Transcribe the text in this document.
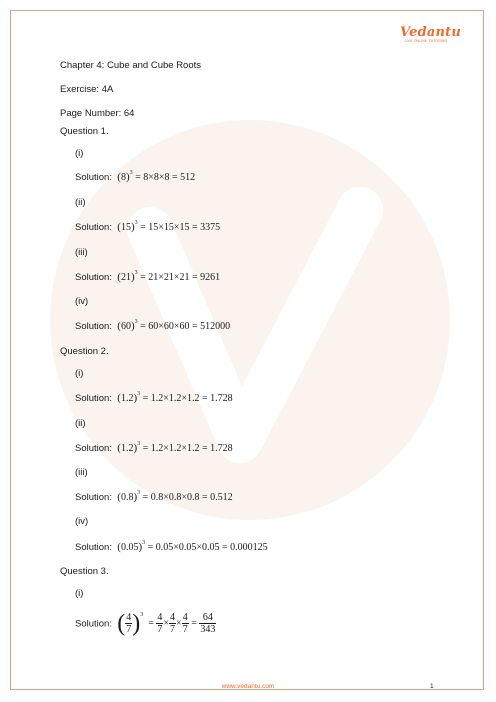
Vedantu
LIVE ONLINE TUTORING
Chapter 4: Cube and Cube Roots
Exercise: 4A
Page Number: 64
Question 1.
(i)
Solution: $(8)^3 = 8\times 8\times 8 = 512$
(ii)
Solution: $(15)^3 = 15\times 15\times 15 = 3375$
(iii)
Solution: $(21)^3 = 21\times 21\times 21 = 9261$
(iv)
Solution: $(60)^3 = 60\times 60\times 60 = 512000$
Question 2.
(i)
Solution: $(1.2)^3 = 1.2\times 1.2\times 1.2 = 1.728$
(ii)
Solution: $(1.2)^3 = 1.2\times 1.2\times 1.2 = 1.728$
(iii)
Solution: $(0.8)^3 = 0.8\times 0.8\times 0.8 = 0.512$
(iv)
Solution: $(0.05)^3 = 0.05\times 0.05\times 0.05 = 0.000125$
Question 3.
(i)
Solution: ( $\frac{4}{7} )^3 = \frac{4}{7} \times \frac{4}{7} \times \frac{4}{7} = \frac{64}{343}$
www.vedantu.com	1
